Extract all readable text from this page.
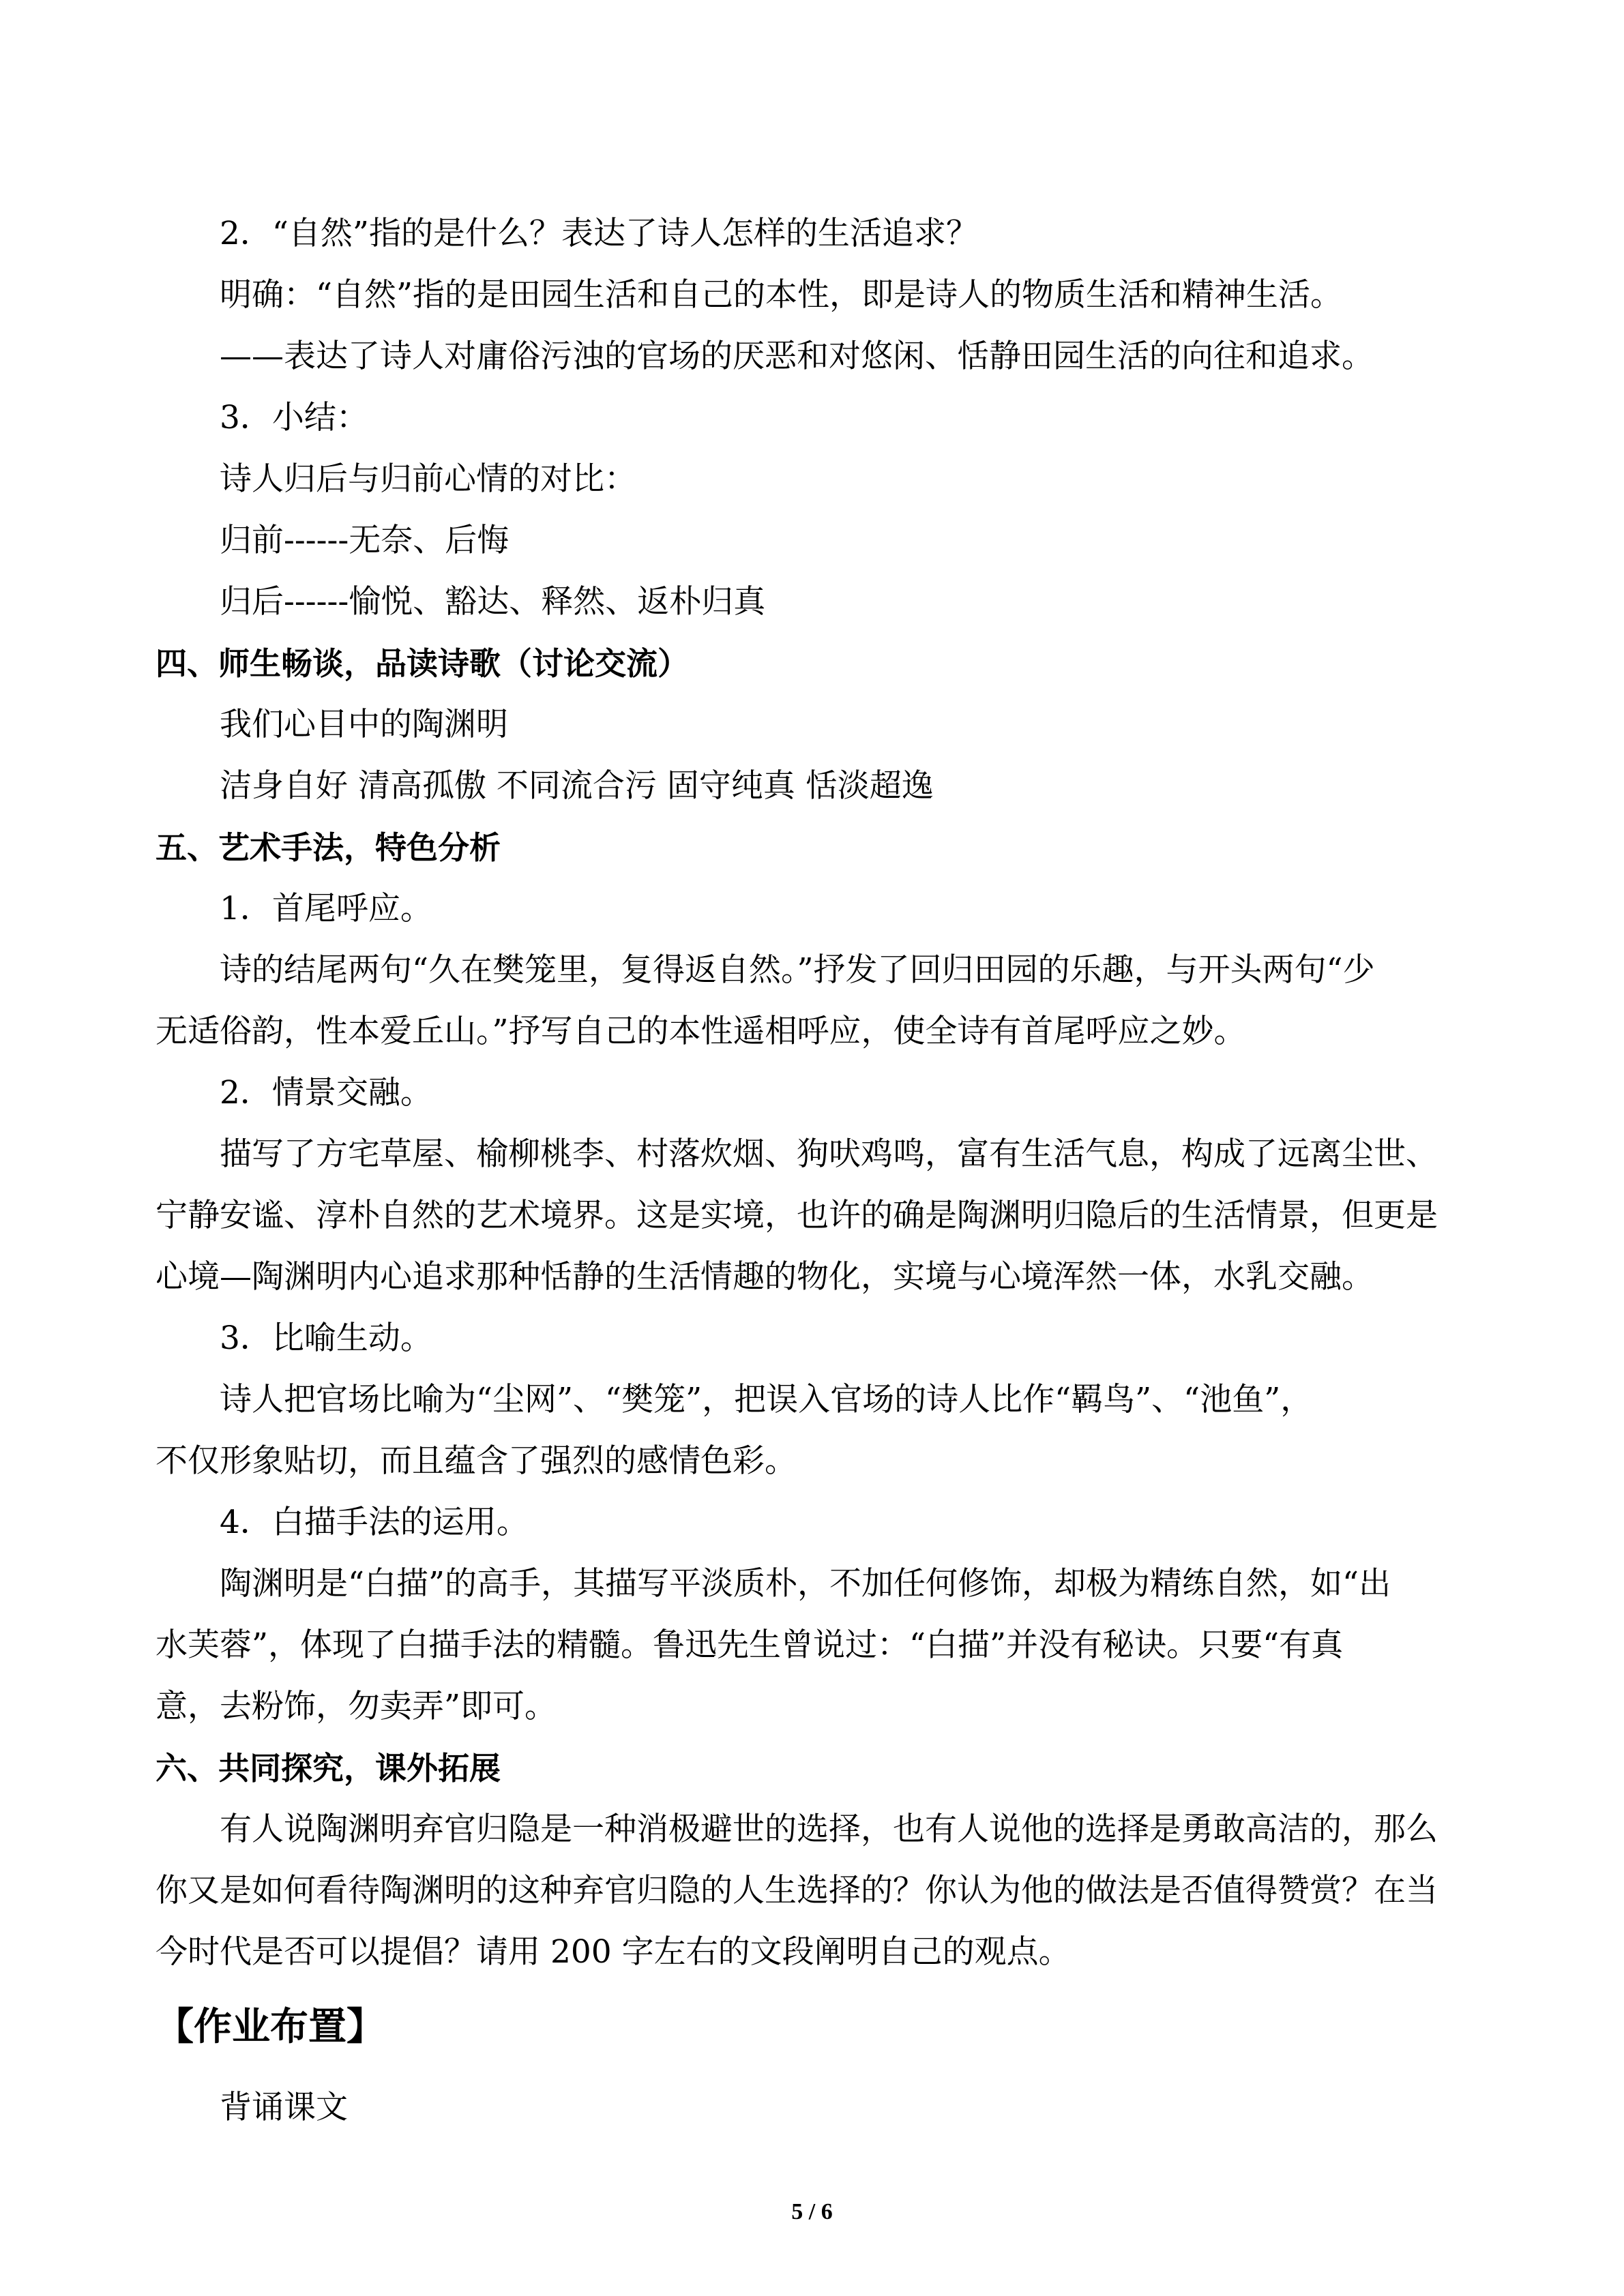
2．“自然”指的是什么？表达了诗人怎样的生活追求？
明确：“自然”指的是田园生活和自己的本性，即是诗人的物质生活和精神生活。
——表达了诗人对庸俗污浊的官场的厌恶和对悠闲、恬静田园生活的向往和追求。
3．小结：
诗人归后与归前心情的对比：
归前------无奈、后悔
归后------愉悦、豁达、释然、返朴归真
四、师生畅谈，品读诗歌（讨论交流）
我们心目中的陶渊明
洁身自好 清高孤傲 不同流合污 固守纯真 恬淡超逸
五、艺术手法，特色分析
1．首尾呼应。
诗的结尾两句“久在樊笼里，复得返自然。”抒发了回归田园的乐趣，与开头两句“少
无适俗韵，性本爱丘山。”抒写自己的本性遥相呼应，使全诗有首尾呼应之妙。
2．情景交融。
描写了方宅草屋、榆柳桃李、村落炊烟、狗吠鸡鸣，富有生活气息，构成了远离尘世、
宁静安谧、淳朴自然的艺术境界。这是实境，也许的确是陶渊明归隐后的生活情景，但更是
心境—陶渊明内心追求那种恬静的生活情趣的物化，实境与心境浑然一体，水乳交融。
3．比喻生动。
诗人把官场比喻为“尘网”、“樊笼”，把误入官场的诗人比作“羁鸟”、“池鱼”，
不仅形象贴切，而且蕴含了强烈的感情色彩。
4．白描手法的运用。
陶渊明是“白描”的高手，其描写平淡质朴，不加任何修饰，却极为精练自然，如“出
水芙蓉”，体现了白描手法的精髓。鲁迅先生曾说过：“白描”并没有秘诀。只要“有真
意，去粉饰，勿卖弄”即可。
六、共同探究，课外拓展
有人说陶渊明弃官归隐是一种消极避世的选择，也有人说他的选择是勇敢高洁的，那么
你又是如何看待陶渊明的这种弃官归隐的人生选择的？你认为他的做法是否值得赞赏？在当
今时代是否可以提倡？请用 200 字左右的文段阐明自己的观点。
【作业布置】
背诵课文
5 / 6
